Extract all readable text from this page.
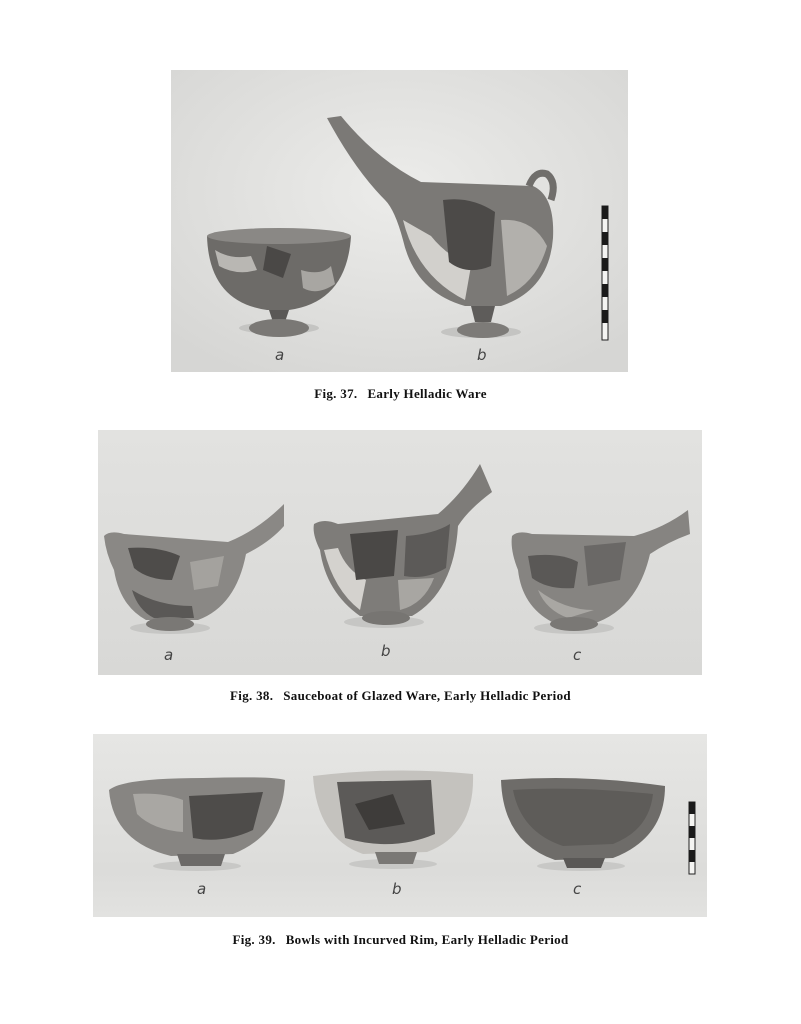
a	b
Fig. 37. Early Helladic Ware
a	b	c
Fig. 38. Sauceboat of Glazed Ware, Early Helladic Period
a	b	c
Fig. 39. Bowls with Incurved Rim, Early Helladic Period
